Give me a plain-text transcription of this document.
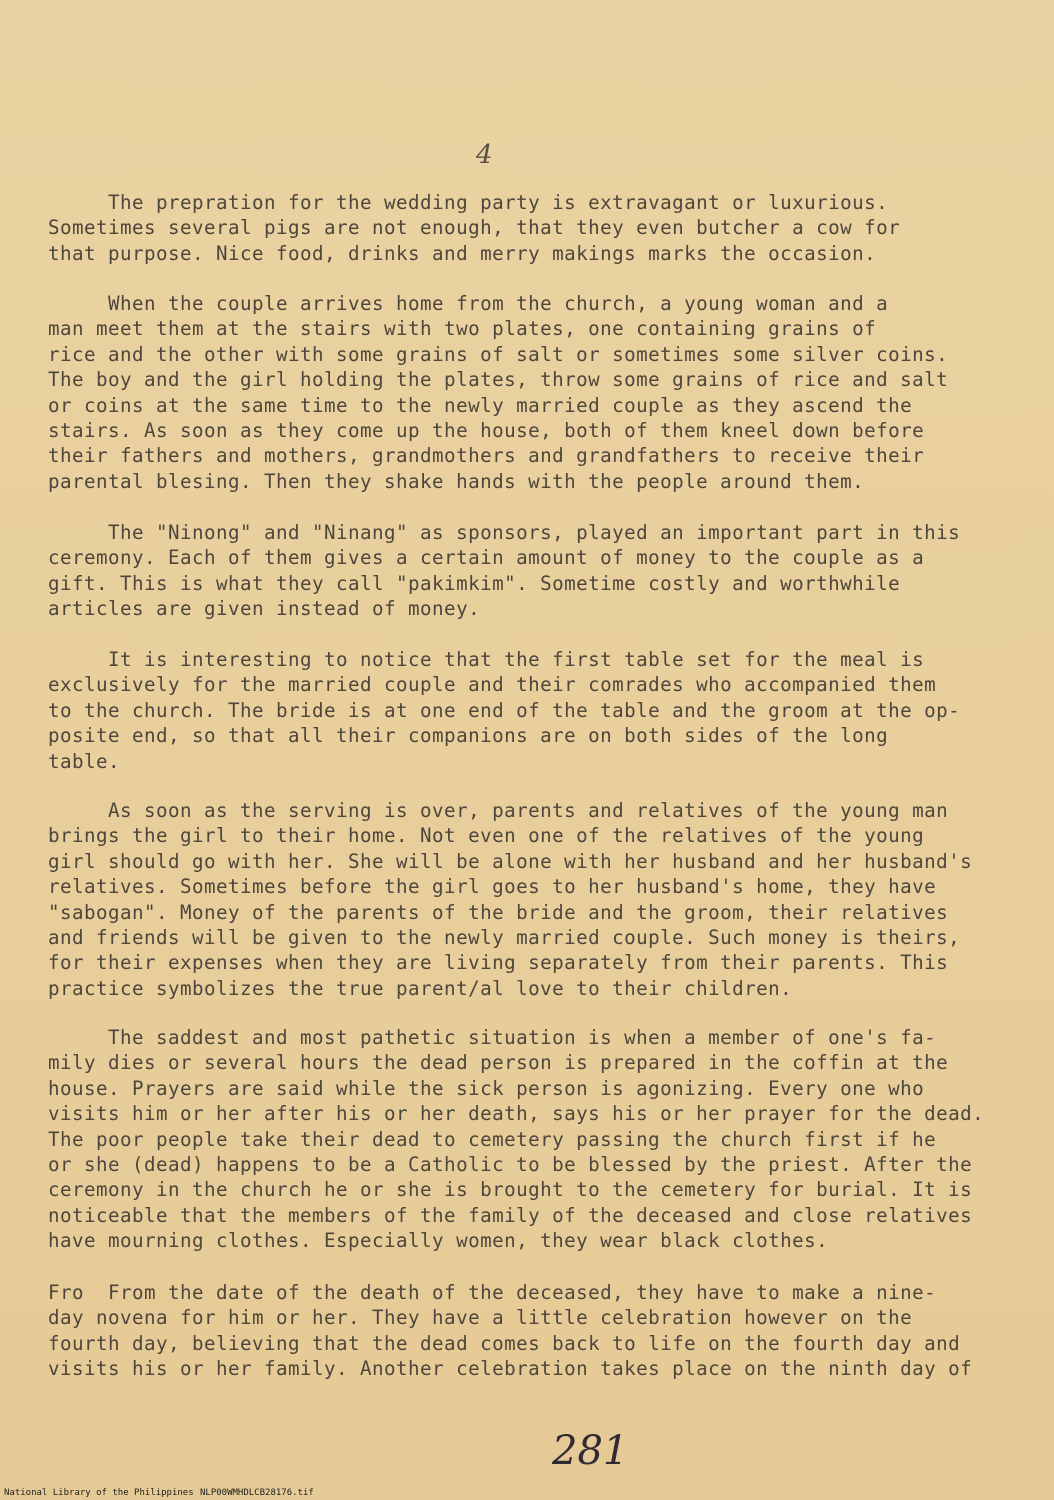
4
The prepration for the wedding party is extravagant or luxurious.
Sometimes several pigs are not enough, that they even butcher a cow for
that purpose. Nice food, drinks and merry makings marks the occasion.
When the couple arrives home from the church, a young woman and a
man meet them at the stairs with two plates, one containing grains of
rice and the other with some grains of salt or sometimes some silver coins.
The boy and the girl holding the plates, throw some grains of rice and salt
or coins at the same time to the newly married couple as they ascend the
stairs. As soon as they come up the house, both of them kneel down before
their fathers and mothers, grandmothers and grandfathers to receive their
parental blesing. Then they shake hands with the people around them.
The "Ninong" and "Ninang" as sponsors, played an important part in this
ceremony. Each of them gives a certain amount of money to the couple as a
gift. This is what they call "pakimkim". Sometime costly and worthwhile
articles are given instead of money.
It is interesting to notice that the first table set for the meal is
exclusively for the married couple and their comrades who accompanied them
to the church. The bride is at one end of the table and the groom at the op-
posite end, so that all their companions are on both sides of the long
table.
As soon as the serving is over, parents and relatives of the young man
brings the girl to their home. Not even one of the relatives of the young
girl should go with her. She will be alone with her husband and her husband's
relatives. Sometimes before the girl goes to her husband's home, they have
"sabogan". Money of the parents of the bride and the groom, their relatives
and friends will be given to the newly married couple. Such money is theirs,
for their expenses when they are living separately from their parents. This
practice symbolizes the true parent/al love to their children.
The saddest and most pathetic situation is when a member of one's fa-
mily dies or several hours the dead person is prepared in the coffin at the
house. Prayers are said while the sick person is agonizing. Every one who
visits him or her after his or her death, says his or her prayer for the dead.
The poor people take their dead to cemetery passing the church first if he
or she (dead) happens to be a Catholic to be blessed by the priest. After the
ceremony in the church he or she is brought to the cemetery for burial. It is
noticeable that the members of the family of the deceased and close relatives
have mourning clothes. Especially women, they wear black clothes.
Fro  From the date of the death of the deceased, they have to make a nine-
day novena for him or her. They have a little celebration however on the
fourth day, believing that the dead comes back to life on the fourth day and
visits his or her family. Another celebration takes place on the ninth day of
281
National Library of the Philippines NLP00WMHDLCB28176.tif
